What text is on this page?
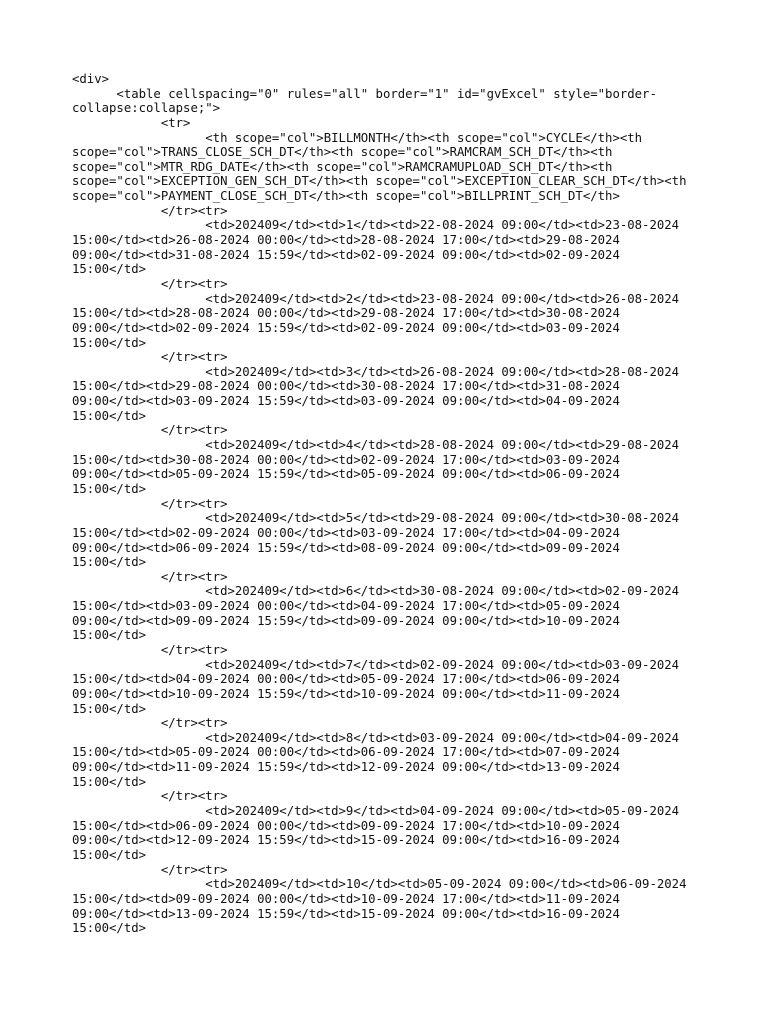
<div>
<table cellspacing="0" rules="all" border="1" id="gvExcel" style="border-
collapse:collapse;">
<tr>
<th scope="col">BILLMONTH</th><th scope="col">CYCLE</th><th
scope="col">TRANS_CLOSE_SCH_DT</th><th scope="col">RAMCRAM_SCH_DT</th><th
scope="col">MTR_RDG_DATE</th><th scope="col">RAMCRAMUPLOAD_SCH_DT</th><th
scope="col">EXCEPTION_GEN_SCH_DT</th><th scope="col">EXCEPTION_CLEAR_SCH_DT</th><th
scope="col">PAYMENT_CLOSE_SCH_DT</th><th scope="col">BILLPRINT_SCH_DT</th>
</tr><tr>
<td>202409</td><td>1</td><td>22-08-2024 09:00</td><td>23-08-2024
15:00</td><td>26-08-2024 00:00</td><td>28-08-2024 17:00</td><td>29-08-2024
09:00</td><td>31-08-2024 15:59</td><td>02-09-2024 09:00</td><td>02-09-2024
15:00</td>
</tr><tr>
<td>202409</td><td>2</td><td>23-08-2024 09:00</td><td>26-08-2024
15:00</td><td>28-08-2024 00:00</td><td>29-08-2024 17:00</td><td>30-08-2024
09:00</td><td>02-09-2024 15:59</td><td>02-09-2024 09:00</td><td>03-09-2024
15:00</td>
</tr><tr>
<td>202409</td><td>3</td><td>26-08-2024 09:00</td><td>28-08-2024
15:00</td><td>29-08-2024 00:00</td><td>30-08-2024 17:00</td><td>31-08-2024
09:00</td><td>03-09-2024 15:59</td><td>03-09-2024 09:00</td><td>04-09-2024
15:00</td>
</tr><tr>
<td>202409</td><td>4</td><td>28-08-2024 09:00</td><td>29-08-2024
15:00</td><td>30-08-2024 00:00</td><td>02-09-2024 17:00</td><td>03-09-2024
09:00</td><td>05-09-2024 15:59</td><td>05-09-2024 09:00</td><td>06-09-2024
15:00</td>
</tr><tr>
<td>202409</td><td>5</td><td>29-08-2024 09:00</td><td>30-08-2024
15:00</td><td>02-09-2024 00:00</td><td>03-09-2024 17:00</td><td>04-09-2024
09:00</td><td>06-09-2024 15:59</td><td>08-09-2024 09:00</td><td>09-09-2024
15:00</td>
</tr><tr>
<td>202409</td><td>6</td><td>30-08-2024 09:00</td><td>02-09-2024
15:00</td><td>03-09-2024 00:00</td><td>04-09-2024 17:00</td><td>05-09-2024
09:00</td><td>09-09-2024 15:59</td><td>09-09-2024 09:00</td><td>10-09-2024
15:00</td>
</tr><tr>
<td>202409</td><td>7</td><td>02-09-2024 09:00</td><td>03-09-2024
15:00</td><td>04-09-2024 00:00</td><td>05-09-2024 17:00</td><td>06-09-2024
09:00</td><td>10-09-2024 15:59</td><td>10-09-2024 09:00</td><td>11-09-2024
15:00</td>
</tr><tr>
<td>202409</td><td>8</td><td>03-09-2024 09:00</td><td>04-09-2024
15:00</td><td>05-09-2024 00:00</td><td>06-09-2024 17:00</td><td>07-09-2024
09:00</td><td>11-09-2024 15:59</td><td>12-09-2024 09:00</td><td>13-09-2024
15:00</td>
</tr><tr>
<td>202409</td><td>9</td><td>04-09-2024 09:00</td><td>05-09-2024
15:00</td><td>06-09-2024 00:00</td><td>09-09-2024 17:00</td><td>10-09-2024
09:00</td><td>12-09-2024 15:59</td><td>15-09-2024 09:00</td><td>16-09-2024
15:00</td>
</tr><tr>
<td>202409</td><td>10</td><td>05-09-2024 09:00</td><td>06-09-2024
15:00</td><td>09-09-2024 00:00</td><td>10-09-2024 17:00</td><td>11-09-2024
09:00</td><td>13-09-2024 15:59</td><td>15-09-2024 09:00</td><td>16-09-2024
15:00</td>
